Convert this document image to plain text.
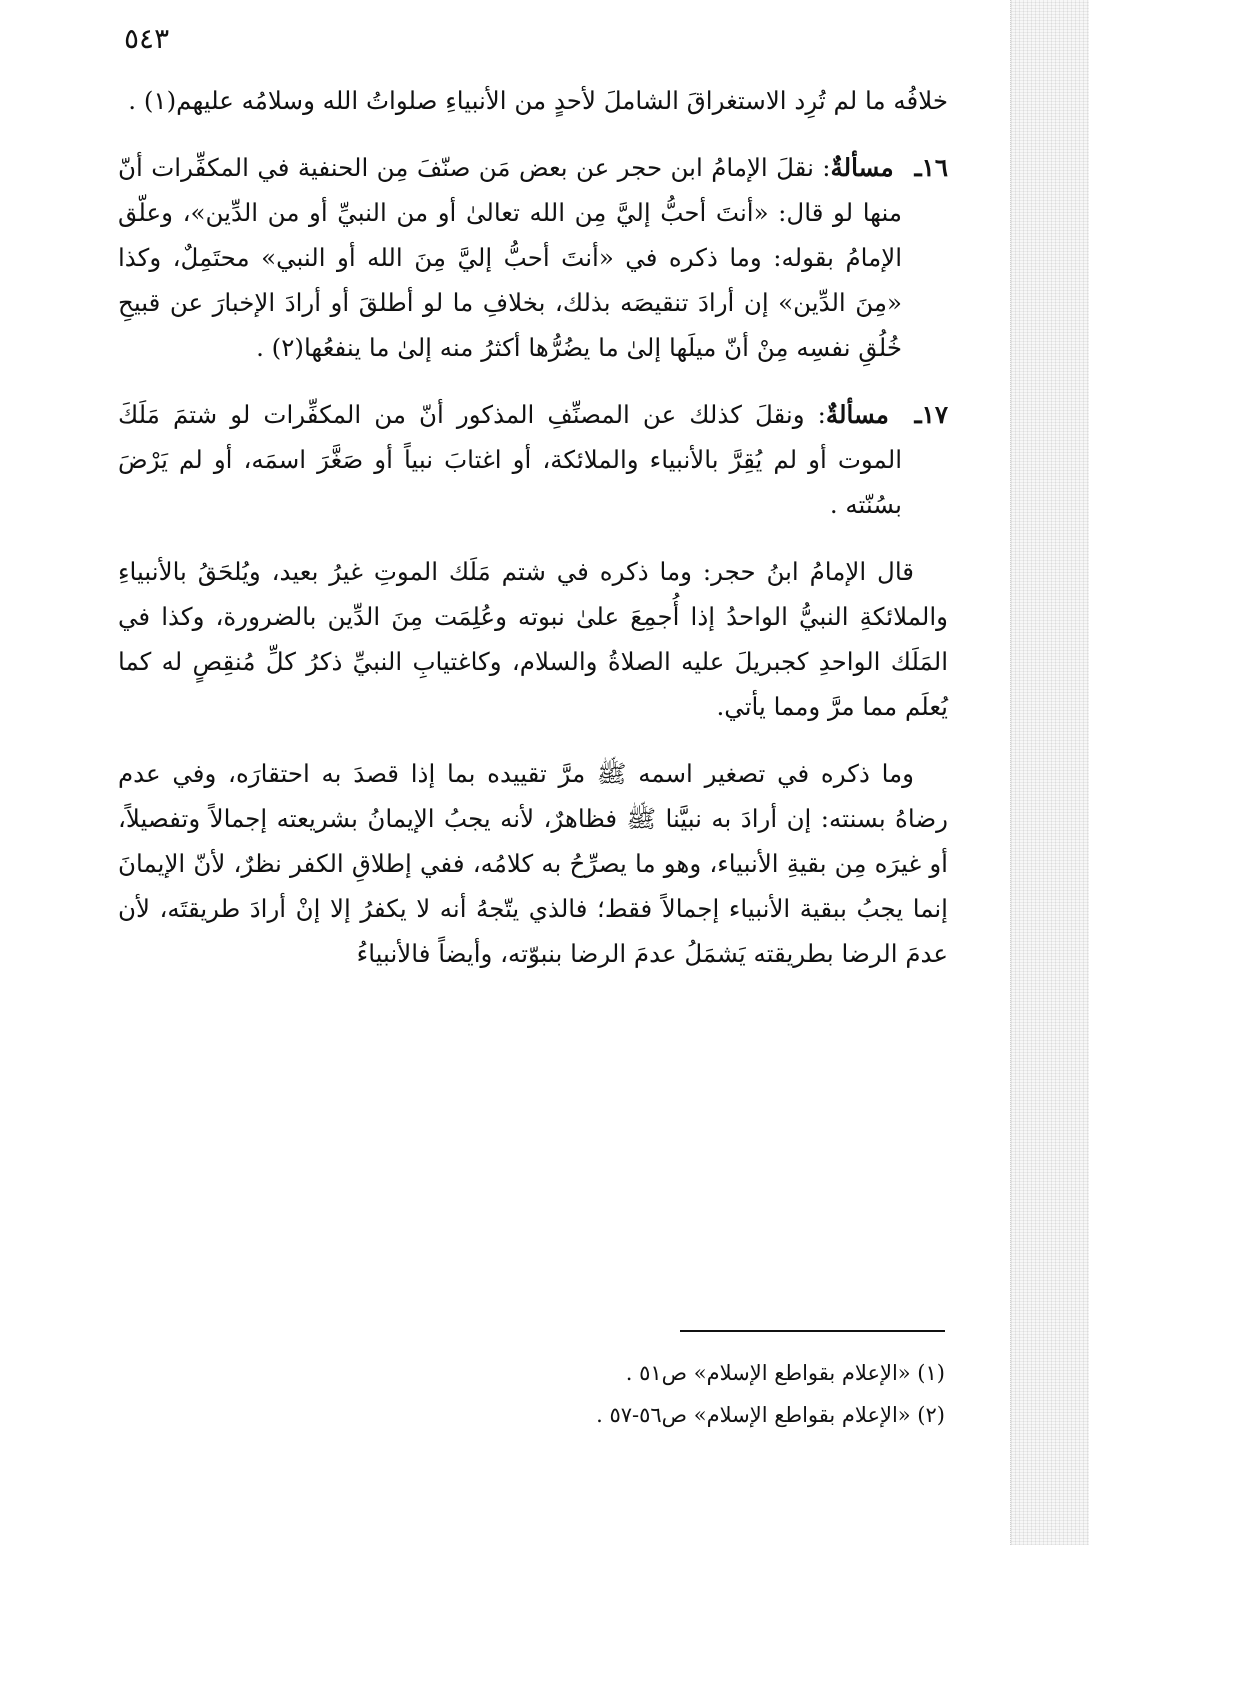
٥٤٣

خلافُه ما لم تُرِد الاستغراقَ الشاملَ لأحدٍ من الأنبياءِ صلواتُ الله وسلامُه عليهم(١) .

١٦ـ مسألةٌ: نقلَ الإمامُ ابن حجر عن بعض مَن صنّفَ مِن الحنفية في المكفِّرات أنّ منها لو قال: «أنتَ أحبُّ إليَّ مِن الله تعالىٰ أو من النبيِّ أو من الدِّين»، وعلّق الإمامُ بقوله: وما ذكره في «أنتَ أحبُّ إليَّ مِنَ الله أو النبي» محتَمِلٌ، وكذا «مِنَ الدِّين» إن أرادَ تنقيصَه بذلك، بخلافِ ما لو أطلقَ أو أرادَ الإخبارَ عن قبيحِ خُلُقِ نفسِه مِنْ أنّ ميلَها إلىٰ ما يضُرُّها أكثرُ منه إلىٰ ما ينفعُها(٢) .

١٧ـ مسألةٌ: ونقلَ كذلك عن المصنِّفِ المذكور أنّ من المكفِّرات لو شتمَ مَلَكَ الموت أو لم يُقِرَّ بالأنبياء والملائكة، أو اغتابَ نبياً أو صَغَّرَ اسمَه، أو لم يَرْضَ بسُنّته .

قال الإمامُ ابنُ حجر: وما ذكره في شتم مَلَك الموتِ غيرُ بعيد، ويُلحَقُ بالأنبياءِ والملائكةِ النبيُّ الواحدُ إذا أُجمِعَ علىٰ نبوته وعُلِمَت مِنَ الدِّين بالضرورة، وكذا في المَلَك الواحدِ كجبريلَ عليه الصلاةُ والسلام، وكاغتيابِ النبيِّ ذكرُ كلِّ مُنقِصٍ له كما يُعلَم مما مرَّ ومما يأتي.

وما ذكره في تصغير اسمه ﷺ مرَّ تقييده بما إذا قصدَ به احتقارَه، وفي عدم رضاهُ بسنته: إن أرادَ به نبيَّنا ﷺ فظاهرٌ، لأنه يجبُ الإيمانُ بشريعته إجمالاً وتفصيلاً، أو غيرَه مِن بقيةِ الأنبياء، وهو ما يصرِّحُ به كلامُه، ففي إطلاقِ الكفر نظرٌ، لأنّ الإيمانَ إنما يجبُ ببقية الأنبياء إجمالاً فقط؛ فالذي يتّجهُ أنه لا يكفرُ إلا إنْ أرادَ طريقتَه، لأن عدمَ الرضا بطريقته يَشمَلُ عدمَ الرضا بنبوّته، وأيضاً فالأنبياءُ

(١) «الإعلام بقواطع الإسلام» ص٥١ .
(٢) «الإعلام بقواطع الإسلام» ص٥٦-٥٧ .
